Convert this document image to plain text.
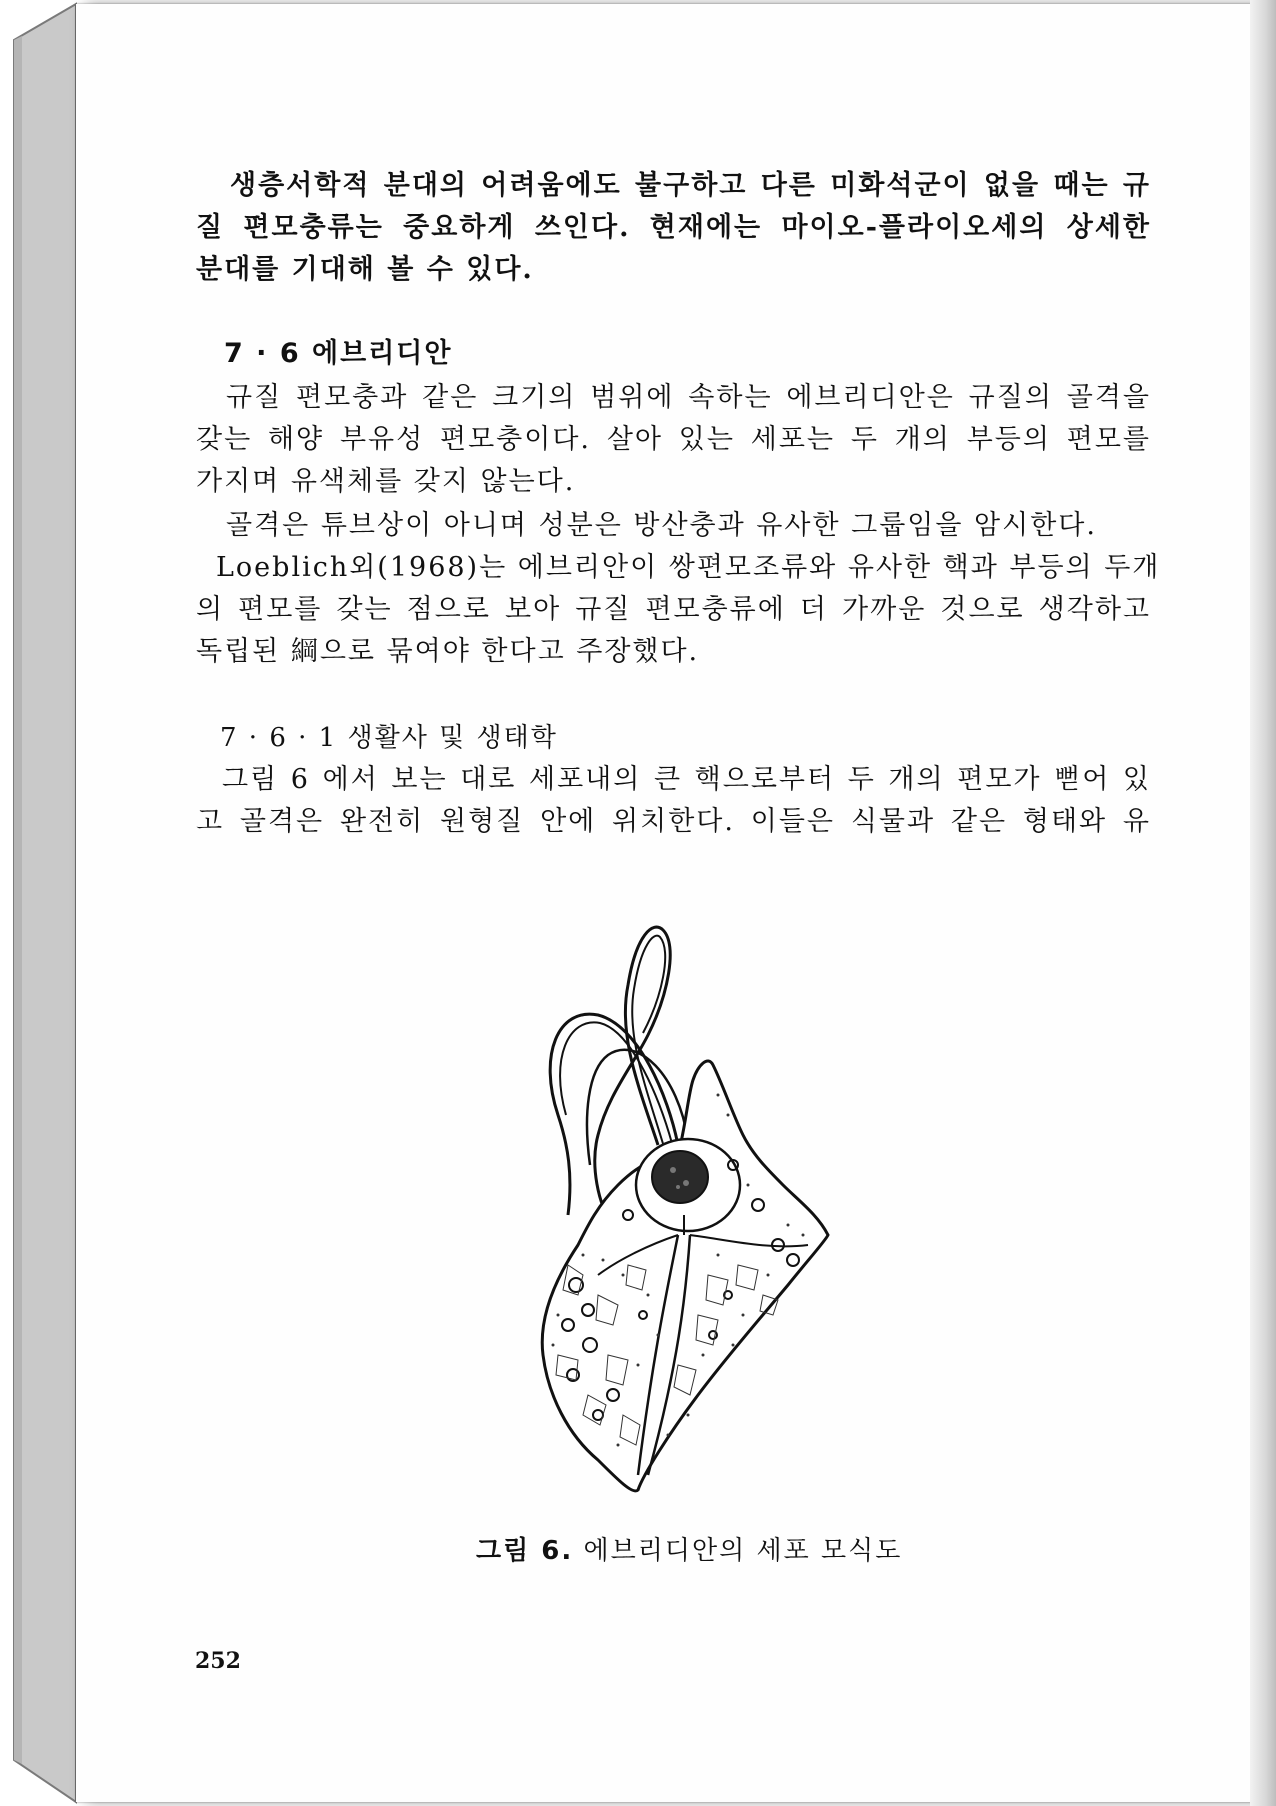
생층서학적 분대의 어려움에도 불구하고 다른 미화석군이 없을 때는 규
질 편모충류는 중요하게 쓰인다. 현재에는 마이오-플라이오세의 상세한
분대를 기대해 볼 수 있다.
7 · 6 에브리디안
규질 편모충과 같은 크기의 범위에 속하는 에브리디안은 규질의 골격을
갖는 해양 부유성 편모충이다. 살아 있는 세포는 두 개의 부등의 편모를
가지며 유색체를 갖지 않는다.
골격은 튜브상이 아니며 성분은 방산충과 유사한 그룹임을 암시한다.
Loeblich외(1968)는 에브리안이 쌍편모조류와 유사한 핵과 부등의 두개
의 편모를 갖는 점으로 보아 규질 편모충류에 더 가까운 것으로 생각하고
독립된 綱으로 묶여야 한다고 주장했다.
7 · 6 · 1 생활사 및 생태학
그림 6 에서 보는 대로 세포내의 큰 핵으로부터 두 개의 편모가 뻗어 있
고 골격은 완전히 원형질 안에 위치한다. 이들은 식물과 같은 형태와 유
그림 6. 에브리디안의 세포 모식도
252
